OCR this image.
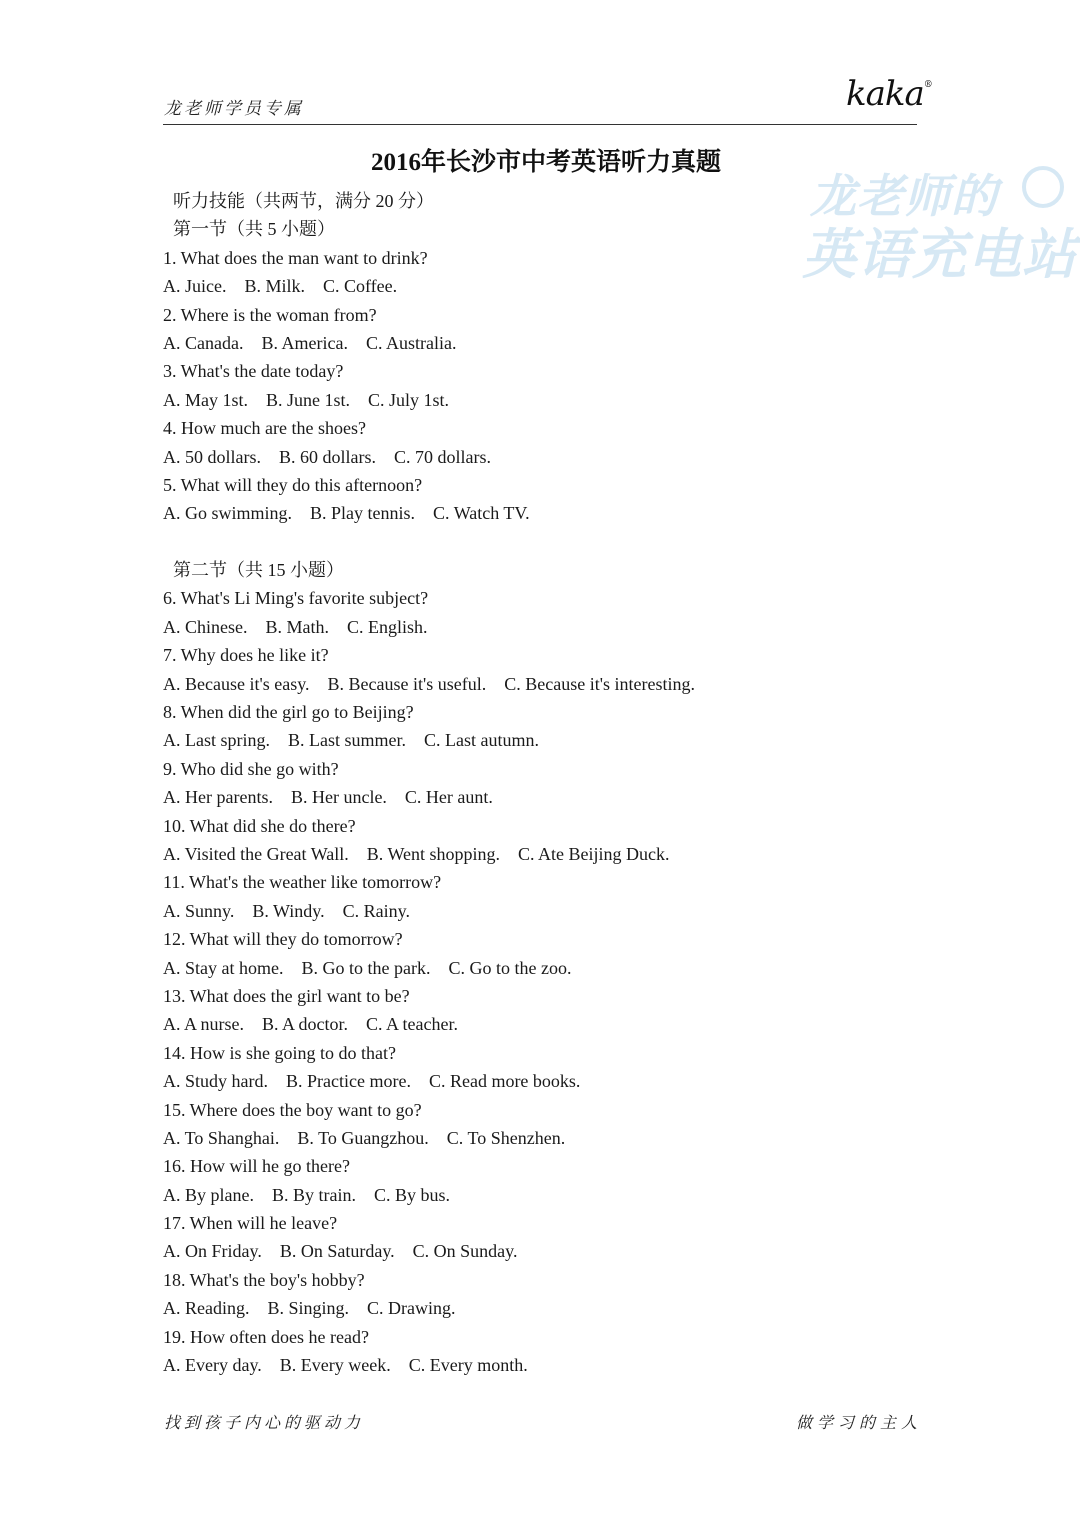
龙老师学员专属	kaka®
龙老师的
英语充电站
2016年长沙市中考英语听力真题
听力技能（共两节，满分 20 分）
第一节（共 5 小题）
1. What does the man want to drink?
A. Juice.    B. Milk.    C. Coffee.
2. Where is the woman from?
A. Canada.    B. America.    C. Australia.
3. What's the date today?
A. May 1st.    B. June 1st.    C. July 1st.
4. How much are the shoes?
A. 50 dollars.    B. 60 dollars.    C. 70 dollars.
5. What will they do this afternoon?
A. Go swimming.    B. Play tennis.    C. Watch TV.
第二节（共 15 小题）
6. What's Li Ming's favorite subject?
A. Chinese.    B. Math.    C. English.
7. Why does he like it?
A. Because it's easy.    B. Because it's useful.    C. Because it's interesting.
8. When did the girl go to Beijing?
A. Last spring.    B. Last summer.    C. Last autumn.
9. Who did she go with?
A. Her parents.    B. Her uncle.    C. Her aunt.
10. What did she do there?
A. Visited the Great Wall.    B. Went shopping.    C. Ate Beijing Duck.
11. What's the weather like tomorrow?
A. Sunny.    B. Windy.    C. Rainy.
12. What will they do tomorrow?
A. Stay at home.    B. Go to the park.    C. Go to the zoo.
13. What does the girl want to be?
A. A nurse.    B. A doctor.    C. A teacher.
14. How is she going to do that?
A. Study hard.    B. Practice more.    C. Read more books.
15. Where does the boy want to go?
A. To Shanghai.    B. To Guangzhou.    C. To Shenzhen.
16. How will he go there?
A. By plane.    B. By train.    C. By bus.
17. When will he leave?
A. On Friday.    B. On Saturday.    C. On Sunday.
18. What's the boy's hobby?
A. Reading.    B. Singing.    C. Drawing.
19. How often does he read?
A. Every day.    B. Every week.    C. Every month.
找到孩子内心的驱动力	做学习的主人
